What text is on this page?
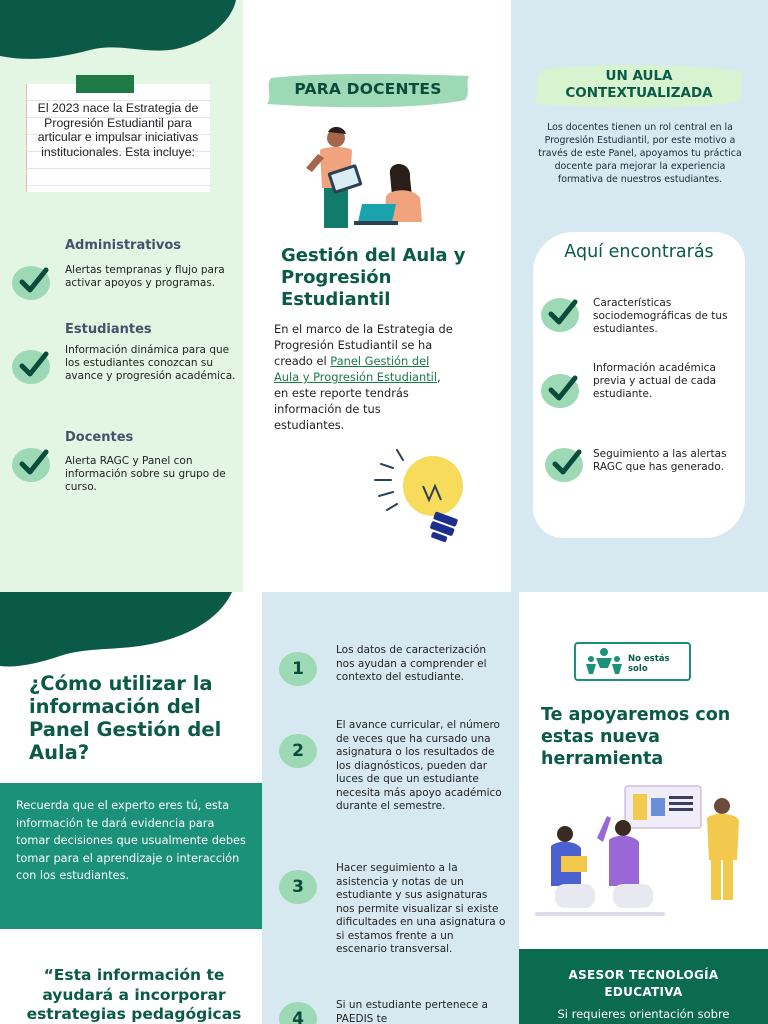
El 2023 nace la Estrategia de Progresión Estudiantil para articular e impulsar iniciativas institucionales. Esta incluye:
Administrativos

Alertas tempranas y flujo para activar apoyos y programas.

Estudiantes

Información dinámica para que los estudiantes conozcan su avance y progresión académica.

Docentes

Alerta RAGC y Panel con información sobre su grupo de curso.

PARA DOCENTES
Gestión del Aula y Progresión Estudiantil
En el marco de la Estrategia de Progresión Estudiantil se ha creado el Panel Gestión del Aula y Progresión Estudiantil, en este reporte tendrás información de tus estudiantes.
UN AULA
CONTEXTUALIZADA
Los docentes tienen un rol central en la Progresión Estudiantil, por este motivo a través de este Panel, apoyamos tu práctica docente para mejorar la experiencia formativa de nuestros estudiantes.
Aquí encontrarás
Características sociodemográficas de tus estudiantes.
Información académica previa y actual de cada estudiante.
Seguimiento a las alertas RAGC que has generado.
¿Cómo utilizar la información del Panel Gestión del Aula?

Recuerda que el experto eres tú, esta información te dará evidencia para tomar decisiones que usualmente debes tomar para el aprendizaje o interacción con los estudiantes.

“Esta información te ayudará a incorporar estrategias pedagógicas
1
Los datos de caracterización nos ayudan a comprender el contexto del estudiante.
2
El avance curricular, el número de veces que ha cursado una asignatura o los resultados de los diagnósticos, pueden dar luces de que un estudiante necesita más apoyo académico durante el semestre.
3
Hacer seguimiento a la asistencia y notas de un estudiante y sus asignaturas nos permite visualizar si existe dificultades en una asignatura o si estamos frente a un escenario transversal.
4
Si un estudiante pertenece a PAEDIS te
No estás
solo
Te apoyaremos con estas nueva herramienta
ASESOR TECNOLOGÍA
EDUCATIVA

Si requieres orientación sobre
